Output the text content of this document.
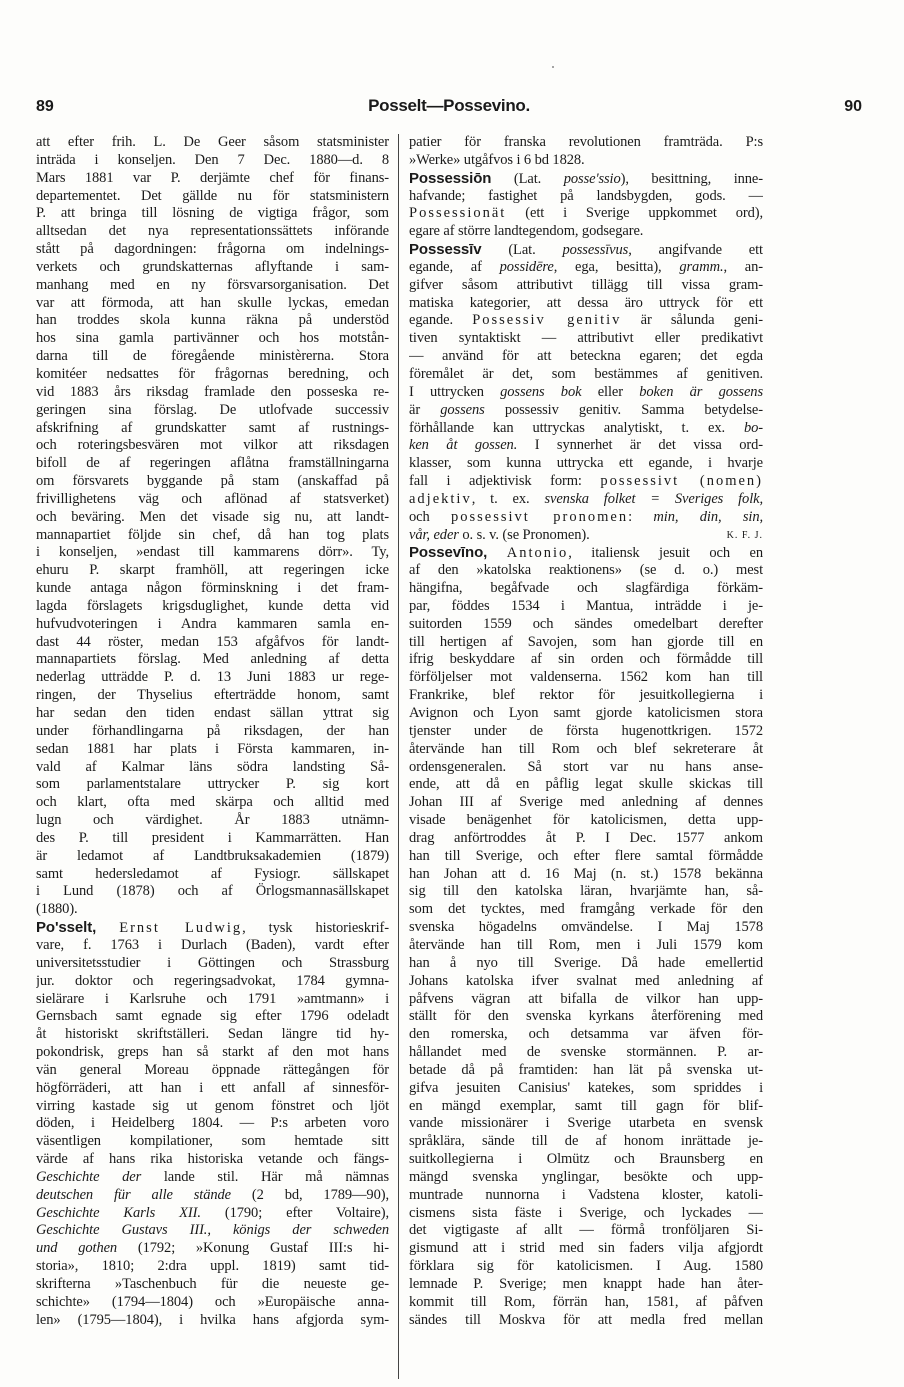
89	Posselt—Possevino.	90
att efter frih. L. De Geer såsom statsminister
inträda i konseljen. Den 7 Dec. 1880—d. 8
Mars 1881 var P. derjämte chef för finans-
departementet. Det gällde nu för statsministern
P. att bringa till lösning de vigtiga frågor, som
alltsedan det nya representationssättets införande
stått på dagordningen: frågorna om indelnings-
verkets och grundskatternas aflyftande i sam-
manhang med en ny försvarsorganisation. Det
var att förmoda, att han skulle lyckas, emedan
han troddes skola kunna räkna på understöd
hos sina gamla partivänner och hos motstån-
darna till de föregående ministèrerna. Stora
komitéer nedsattes för frågornas beredning, och
vid 1883 års riksdag framlade den posseska re-
geringen sina förslag. De utlofvade successiv
afskrifning af grundskatter samt af rustnings-
och roteringsbesvären mot vilkor att riksdagen
bifoll de af regeringen aflåtna framställningarna
om försvarets byggande på stam (anskaffad på
frivillighetens väg och aflönad af statsverket)
och beväring. Men det visade sig nu, att landt-
mannapartiet följde sin chef, då han tog plats
i konseljen, »endast till kammarens dörr». Ty,
ehuru P. skarpt framhöll, att regeringen icke
kunde antaga någon förminskning i det fram-
lagda förslagets krigsduglighet, kunde detta vid
hufvudvoteringen i Andra kammaren samla en-
dast 44 röster, medan 153 afgåfvos för landt-
mannapartiets förslag. Med anledning af detta
nederlag utträdde P. d. 13 Juni 1883 ur rege-
ringen, der Thyselius efterträdde honom, samt
har sedan den tiden endast sällan yttrat sig
under förhandlingarna på riksdagen, der han
sedan 1881 har plats i Första kammaren, in-
vald af Kalmar läns södra landsting Så-
som parlamentstalare uttrycker P. sig kort
och klart, ofta med skärpa och alltid med
lugn och värdighet. År 1883 utnämn-
des P. till president i Kammarrätten. Han
är ledamot af Landtbruksakademien (1879)
samt hedersledamot af Fysiogr. sällskapet
i Lund (1878) och af Örlogsmannasällskapet
(1880).
Po'sselt, Ernst Ludwig, tysk historieskrif-
vare, f. 1763 i Durlach (Baden), vardt efter
universitetsstudier i Göttingen och Strassburg
jur. doktor och regeringsadvokat, 1784 gymna-
sielärare i Karlsruhe och 1791 »amtmann» i
Gernsbach samt egnade sig efter 1796 odeladt
åt historiskt skriftställeri. Sedan längre tid hy-
pokondrisk, greps han så starkt af den mot hans
vän general Moreau öppnade rättegången för
högförräderi, att han i ett anfall af sinnesför-
virring kastade sig ut genom fönstret och ljöt
döden, i Heidelberg 1804. — P:s arbeten voro
väsentligen kompilationer, som hemtade sitt
värde af hans rika historiska vetande och fängs-
Geschichte der lande stil. Här må nämnas
deutschen für alle stände (2 bd, 1789—90),
Geschichte Karls XII. (1790; efter Voltaire),
Geschichte Gustavs III., königs der schweden
und gothen (1792; »Konung Gustaf III:s hi-
storia», 1810; 2:dra uppl. 1819) samt tid-
skrifterna »Taschenbuch für die neueste ge-
schichte» (1794—1804) och »Europäische anna-
len» (1795—1804), i hvilka hans afgjorda sym-
patier för franska revolutionen framträda. P:s
»Werke» utgåfvos i 6 bd 1828.
Possessiōn (Lat. posse'ssio), besittning, inne-
hafvande; fastighet på landsbygden, gods. —
Possessionät (ett i Sverige uppkommet ord),
egare af större landtegendom, godsegare.
Possessīv (Lat. possessīvus, angifvande ett
egande, af possidēre, ega, besitta), gramm., an-
gifver såsom attributivt tillägg till vissa gram-
matiska kategorier, att dessa äro uttryck för ett
egande. Possessiv genitiv är sålunda geni-
tiven syntaktiskt — attributivt eller predikativt
— använd för att beteckna egaren; det egda
föremålet är det, som bestämmes af genitiven.
I uttrycken gossens bok eller boken är gossens
är gossens possessiv genitiv. Samma betydelse-
förhållande kan uttryckas analytiskt, t. ex. bo-
ken åt gossen. I synnerhet är det vissa ord-
klasser, som kunna uttrycka ett egande, i hvarje
fall i adjektivisk form: possessivt (nomen)
adjektiv, t. ex. svenska folket = Sveriges folk,
och possessivt pronomen: min, din, sin,
vår, eder o. s. v. (se Pronomen).	K. F. J.
Possevīno, Antonio, italiensk jesuit och en
af den »katolska reaktionens» (se d. o.) mest
hängifna, begåfvade och slagfärdiga förkäm-
par, föddes 1534 i Mantua, inträdde i je-
suitorden 1559 och sändes omedelbart derefter
till hertigen af Savojen, som han gjorde till en
ifrig beskyddare af sin orden och förmådde till
förföljelser mot valdenserna. 1562 kom han till
Frankrike, blef rektor för jesuitkollegierna i
Avignon och Lyon samt gjorde katolicismen stora
tjenster under de första hugenottkrigen. 1572
återvände han till Rom och blef sekreterare åt
ordensgeneralen. Så stort var nu hans anse-
ende, att då en påflig legat skulle skickas till
Johan III af Sverige med anledning af dennes
visade benägenhet för katolicismen, detta upp-
drag anförtroddes åt P. I Dec. 1577 ankom
han till Sverige, och efter flere samtal förmådde
han Johan att d. 16 Maj (n. st.) 1578 bekänna
sig till den katolska läran, hvarjämte han, så-
som det tycktes, med framgång verkade för den
svenska högadelns omvändelse. I Maj 1578
återvände han till Rom, men i Juli 1579 kom
han å nyo till Sverige. Då hade emellertid
Johans katolska ifver svalnat med anledning af
påfvens vägran att bifalla de vilkor han upp-
ställt för den svenska kyrkans återförening med
den romerska, och detsamma var äfven för-
hållandet med de svenske stormännen. P. ar-
betade då på framtiden: han lät på svenska ut-
gifva jesuiten Canisius' katekes, som spriddes i
en mängd exemplar, samt till gagn för blif-
vande missionärer i Sverige utarbeta en svensk
språklära, sände till de af honom inrättade je-
suitkollegierna i Olmütz och Braunsberg en
mängd svenska ynglingar, besökte och upp-
muntrade nunnorna i Vadstena kloster, katoli-
cismens sista fäste i Sverige, och lyckades —
det vigtigaste af allt — förmå tronföljaren Si-
gismund att i strid med sin faders vilja afgjordt
förklara sig för katolicismen. I Aug. 1580
lemnade P. Sverige; men knappt hade han åter-
kommit till Rom, förrän han, 1581, af påfven
sändes till Moskva för att medla fred mellan
